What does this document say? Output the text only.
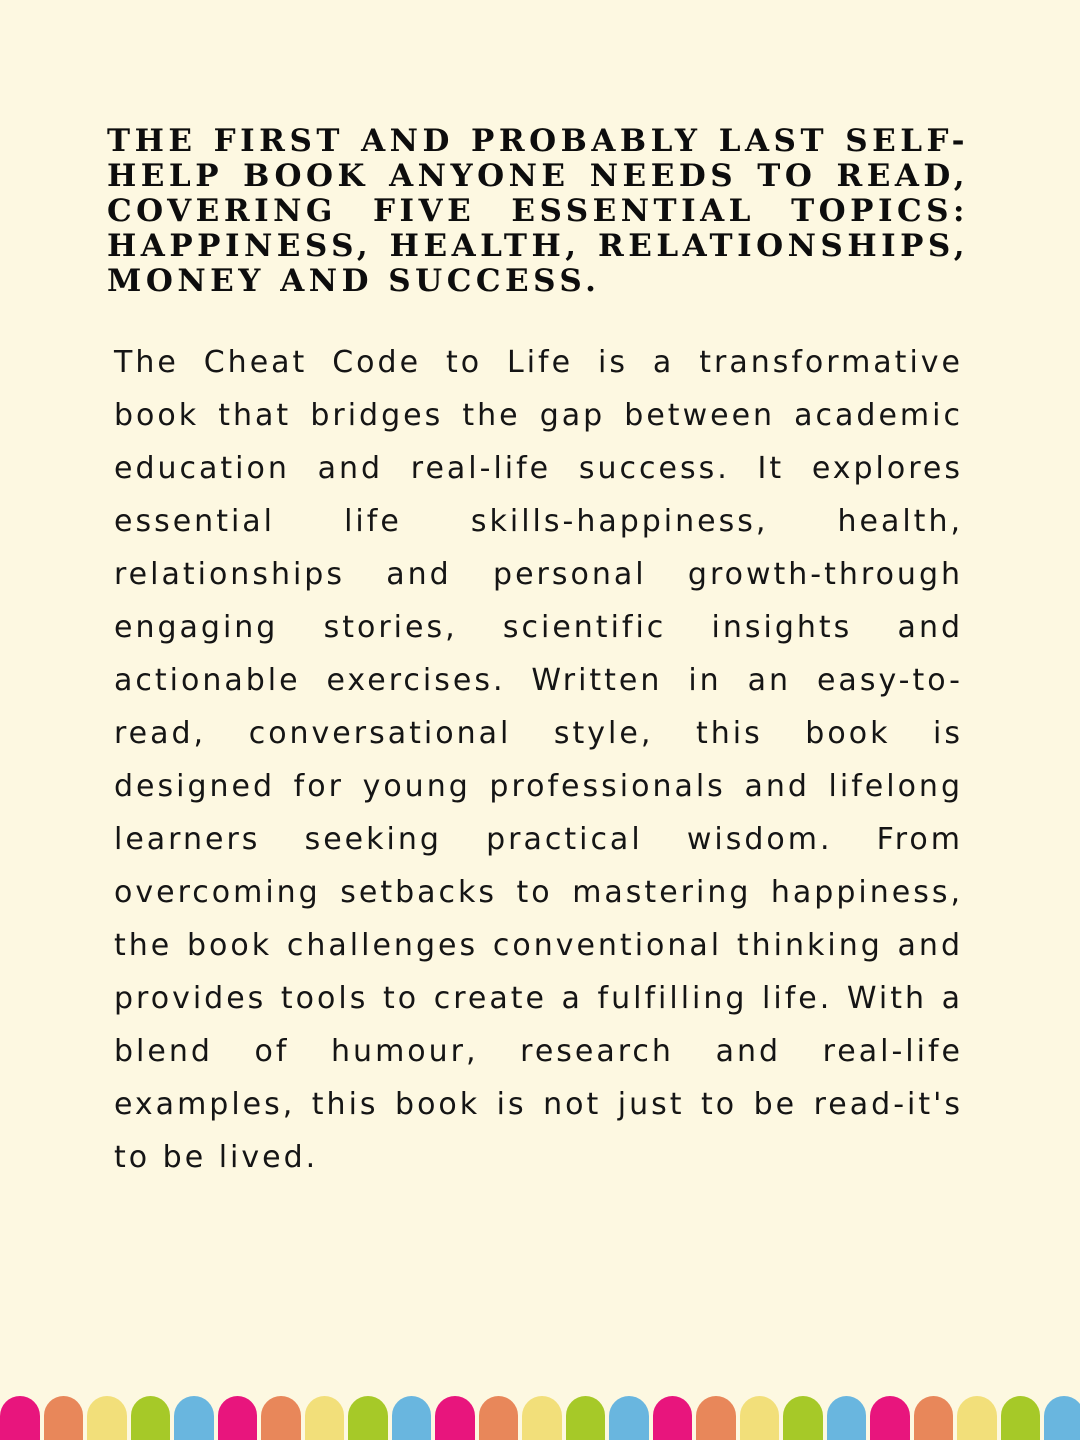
THE FIRST AND PROBABLY LAST SELF-HELP BOOK ANYONE NEEDS TO READ, COVERING FIVE ESSENTIAL TOPICS: HAPPINESS, HEALTH, RELATIONSHIPS, MONEY AND SUCCESS.

The Cheat Code to Life is a transformative book that bridges the gap between academic education and real-life success. It explores essential life skills-happiness, health, relationships and personal growth-through engaging stories, scientific insights and actionable exercises. Written in an easy-to-read, conversational style, this book is designed for young professionals and lifelong learners seeking practical wisdom. From overcoming setbacks to mastering happiness, the book challenges conventional thinking and provides tools to create a fulfilling life. With a blend of humour, research and real-life examples, this book is not just to be read-it's to be lived.
